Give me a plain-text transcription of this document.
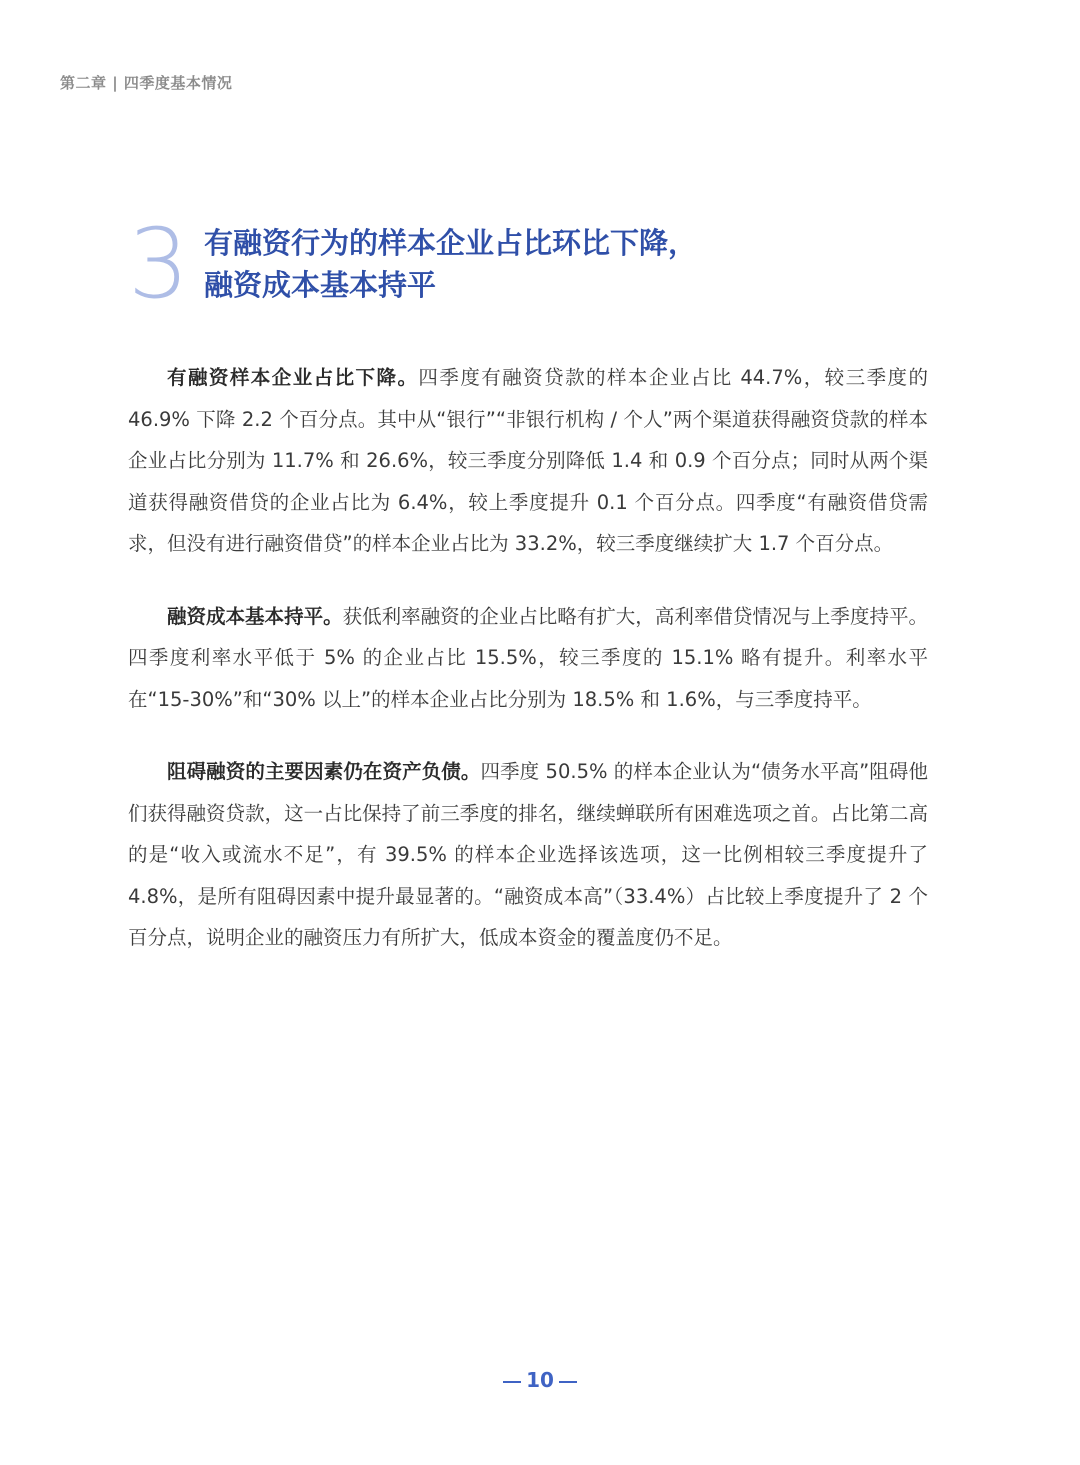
第二章 | 四季度基本情况
3 有融资行为的样本企业占比环比下降，
融资成本基本持平

有融资样本企业占比下降。四季度有融资贷款的样本企业占比 44.7%，较三季度的 46.9% 下降 2.2 个百分点。其中从“银行”“非银行机构 / 个人”两个渠道获得融资贷款的样本企业占比分别为 11.7% 和 26.6%，较三季度分别降低 1.4 和 0.9 个百分点；同时从两个渠道获得融资借贷的企业占比为 6.4%，较上季度提升 0.1 个百分点。四季度“有融资借贷需求，但没有进行融资借贷”的样本企业占比为 33.2%，较三季度继续扩大 1.7 个百分点。

融资成本基本持平。获低利率融资的企业占比略有扩大，高利率借贷情况与上季度持平。四季度利率水平低于 5% 的企业占比 15.5%，较三季度的 15.1% 略有提升。利率水平在“15-30%”和“30% 以上”的样本企业占比分别为 18.5% 和 1.6%，与三季度持平。

阻碍融资的主要因素仍在资产负债。四季度 50.5% 的样本企业认为“债务水平高”阻碍他们获得融资贷款，这一占比保持了前三季度的排名，继续蝉联所有困难选项之首。占比第二高的是“收入或流水不足”，有 39.5% 的样本企业选择该选项，这一比例相较三季度提升了 4.8%，是所有阻碍因素中提升最显著的。“融资成本高”（33.4%）占比较上季度提升了 2 个百分点，说明企业的融资压力有所扩大，低成本资金的覆盖度仍不足。

10
